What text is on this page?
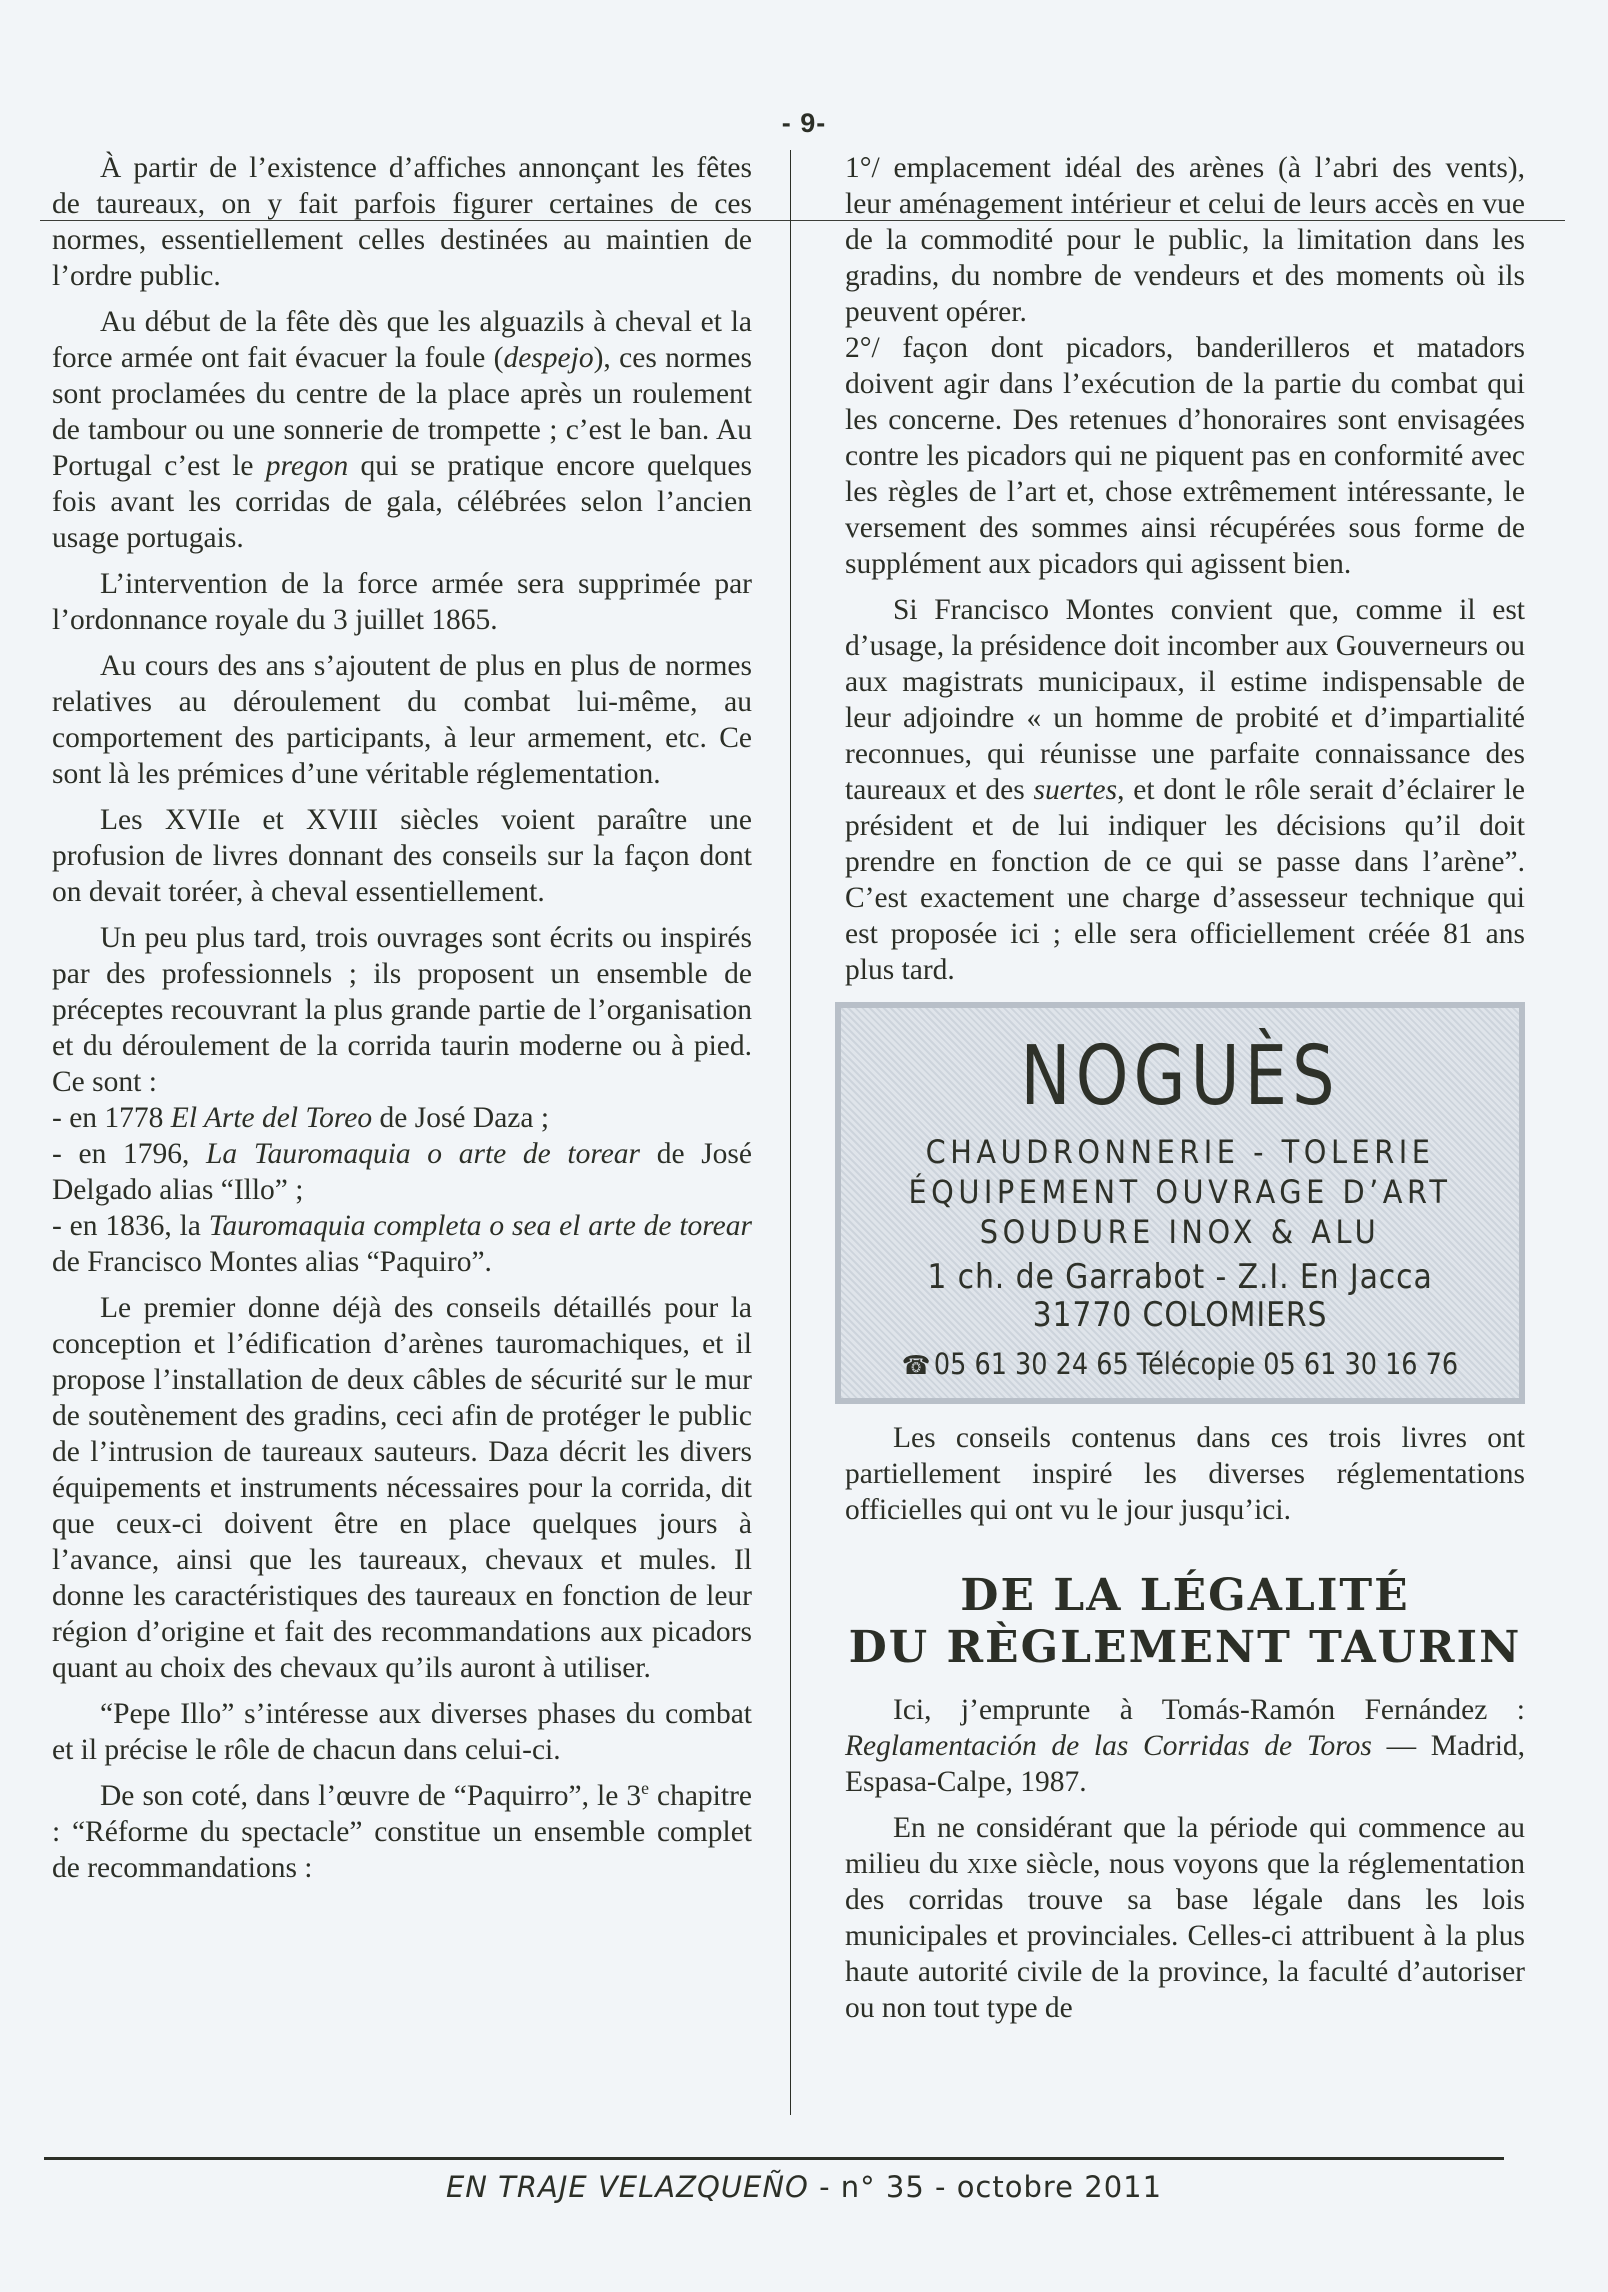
- 9-

À partir de l’existence d’affiches annonçant les fêtes de taureaux, on y fait parfois figurer certaines de ces normes, essentiellement celles destinées au maintien de l’ordre public.

Au début de la fête dès que les alguazils à cheval et la force armée ont fait évacuer la foule (despejo), ces normes sont proclamées du centre de la place après un roulement de tambour ou une sonnerie de trompette ; c’est le ban. Au Portugal c’est le pregon qui se pratique encore quelques fois avant les corridas de gala, célébrées selon l’ancien usage portugais.

L’intervention de la force armée sera supprimée par l’ordonnance royale du 3 juillet 1865.

Au cours des ans s’ajoutent de plus en plus de normes relatives au déroulement du combat lui-même, au comportement des participants, à leur armement, etc. Ce sont là les prémices d’une véritable réglementation.

Les XVIIe et XVIII siècles voient paraître une profusion de livres donnant des conseils sur la façon dont on devait toréer, à cheval essentiellement.

Un peu plus tard, trois ouvrages sont écrits ou inspirés par des professionnels ; ils proposent un ensemble de préceptes recouvrant la plus grande partie de l’organisation et du déroulement de la corrida taurin moderne ou à pied. Ce sont :

- en 1778 El Arte del Toreo de José Daza ;

- en 1796, La Tauromaquia o arte de torear de José Delgado alias “Illo” ;

- en 1836, la Tauromaquia completa o sea el arte de torear de Francisco Montes alias “Paquiro”.

Le premier donne déjà des conseils détaillés pour la conception et l’édification d’arènes tauromachiques, et il propose l’installation de deux câbles de sécurité sur le mur de soutènement des gradins, ceci afin de protéger le public de l’intrusion de taureaux sauteurs. Daza décrit les divers équipements et instruments nécessaires pour la corrida, dit que ceux-ci doivent être en place quelques jours à l’avance, ainsi que les taureaux, chevaux et mules. Il donne les caractéristiques des taureaux en fonction de leur région d’origine et fait des recommandations aux picadors quant au choix des chevaux qu’ils auront à utiliser.

“Pepe Illo” s’intéresse aux diverses phases du combat et il précise le rôle de chacun dans celui-ci.

De son coté, dans l’œuvre de “Paquirro”, le 3e chapitre : “Réforme du spectacle” constitue un ensemble complet de recommandations :

1°/ emplacement idéal des arènes (à l’abri des vents), leur aménagement intérieur et celui de leurs accès en vue de la commodité pour le public, la limitation dans les gradins, du nombre de vendeurs et des moments où ils peuvent opérer.

2°/ façon dont picadors, banderilleros et matadors doivent agir dans l’exécution de la partie du combat qui les concerne. Des retenues d’honoraires sont envisagées contre les picadors qui ne piquent pas en conformité avec les règles de l’art et, chose extrêmement intéressante, le versement des sommes ainsi récupérées sous forme de supplément aux picadors qui agissent bien.

Si Francisco Montes convient que, comme il est d’usage, la présidence doit incomber aux Gouverneurs ou aux magistrats municipaux, il estime indispensable de leur adjoindre « un homme de probité et d’impartialité reconnues, qui réunisse une parfaite connaissance des taureaux et des suertes, et dont le rôle serait d’éclairer le président et de lui indiquer les décisions qu’il doit prendre en fonction de ce qui se passe dans l’arène”. C’est exactement une charge d’assesseur technique qui est proposée ici ; elle sera officiellement créée 81 ans plus tard.

NOGUÈS
CHAUDRONNERIE - TOLERIE
ÉQUIPEMENT OUVRAGE D’ART
SOUDURE INOX & ALU
1 ch. de Garrabot - Z.I. En Jacca
31770 COLOMIERS
☎ 05 61 30 24 65 Télécopie 05 61 30 16 76

Les conseils contenus dans ces trois livres ont partiellement inspiré les diverses réglementations officielles qui ont vu le jour jusqu’ici.

DE LA LÉGALITÉ
DU RÈGLEMENT TAURIN

Ici, j’emprunte à Tomás-Ramón Fernández : Reglamentación de las Corridas de Toros — Madrid, Espasa-Calpe, 1987.

En ne considérant que la période qui commence au milieu du xixe siècle, nous voyons que la réglementation des corridas trouve sa base légale dans les lois municipales et provinciales. Celles-ci attribuent à la plus haute autorité civile de la province, la faculté d’autoriser ou non tout type de

EN TRAJE VELAZQUEÑO - n° 35 - octobre 2011
